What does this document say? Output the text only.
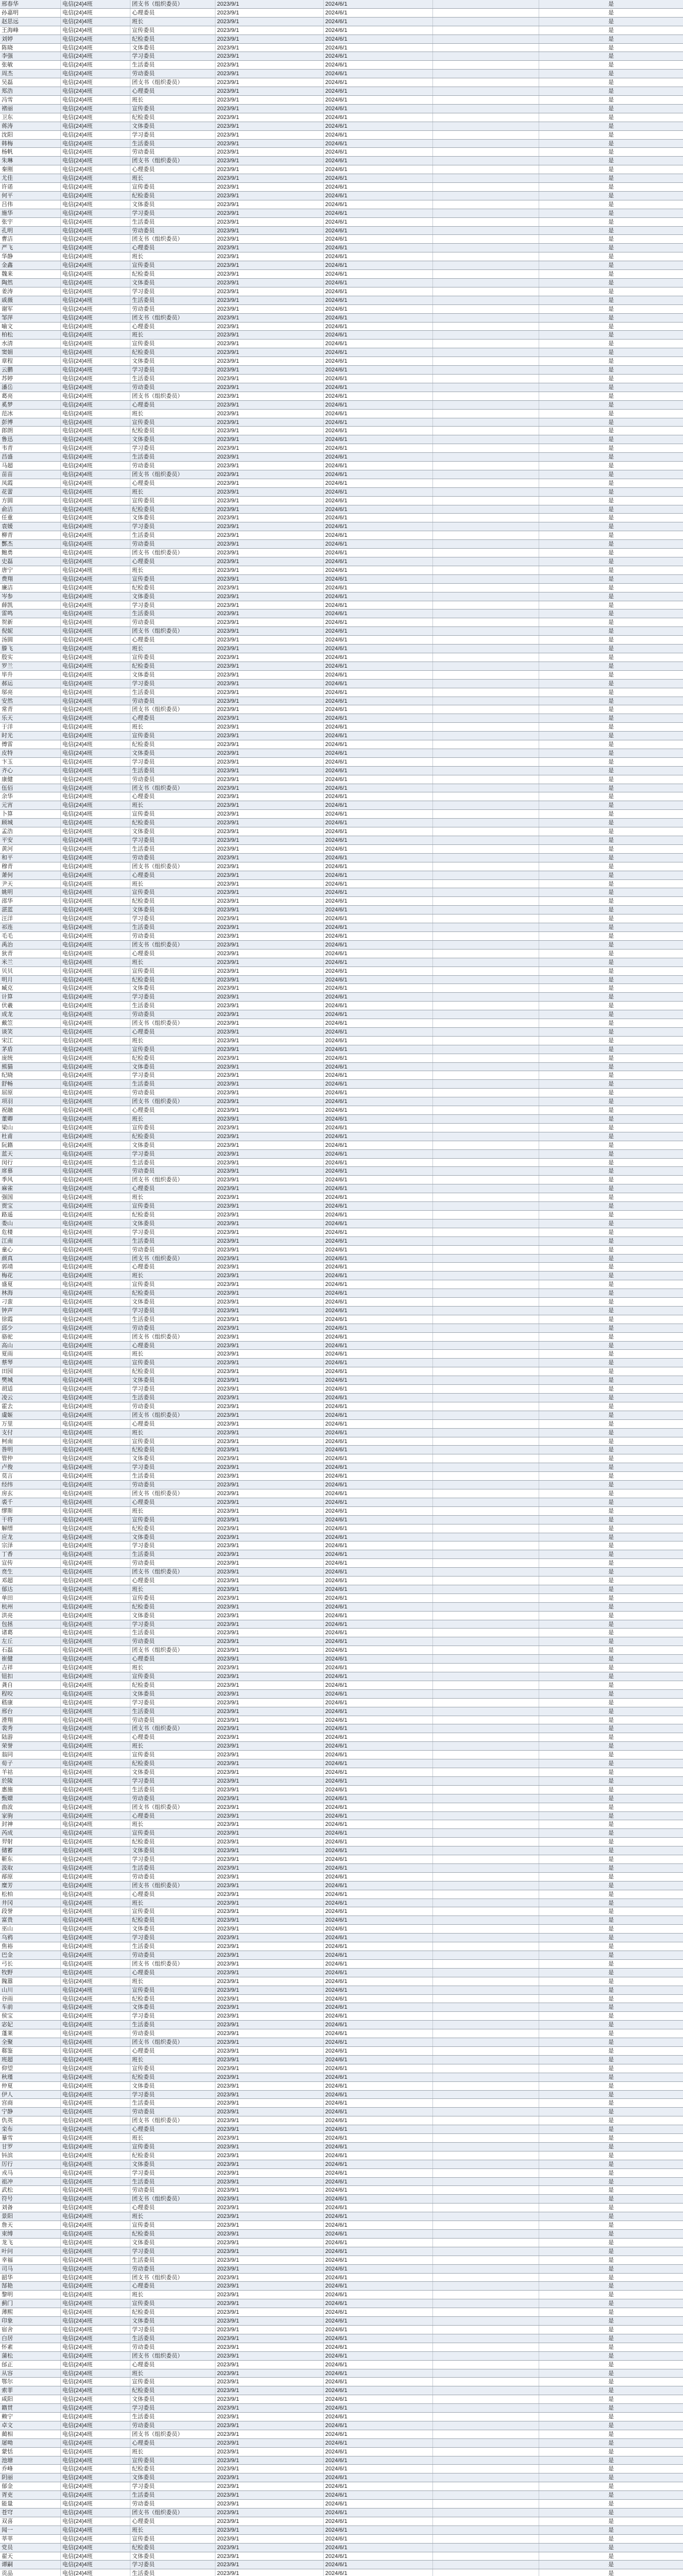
邢春华	电信(24)4班	团支书（组织委员）	2023/9/1	2024/6/1	是
孙嘉明	电信(24)4班	心理委员	2023/9/1	2024/6/1	是
赵思远	电信(24)4班	班长	2023/9/1	2024/6/1	是
王海峰	电信(24)4班	宣传委员	2023/9/1	2024/6/1	是
刘婷	电信(24)4班	纪检委员	2023/9/1	2024/6/1	是
陈晓	电信(24)4班	文体委员	2023/9/1	2024/6/1	是
李强	电信(24)4班	学习委员	2023/9/1	2024/6/1	是
张敏	电信(24)4班	生活委员	2023/9/1	2024/6/1	是
周杰	电信(24)4班	劳动委员	2023/9/1	2024/6/1	是
吴磊	电信(24)4班	团支书（组织委员）	2023/9/1	2024/6/1	是
郑浩	电信(24)4班	心理委员	2023/9/1	2024/6/1	是
冯雪	电信(24)4班	班长	2023/9/1	2024/6/1	是
褚丽	电信(24)4班	宣传委员	2023/9/1	2024/6/1	是
卫东	电信(24)4班	纪检委员	2023/9/1	2024/6/1	是
蒋涛	电信(24)4班	文体委员	2023/9/1	2024/6/1	是
沈阳	电信(24)4班	学习委员	2023/9/1	2024/6/1	是
韩梅	电信(24)4班	生活委员	2023/9/1	2024/6/1	是
杨帆	电信(24)4班	劳动委员	2023/9/1	2024/6/1	是
朱琳	电信(24)4班	团支书（组织委员）	2023/9/1	2024/6/1	是
秦刚	电信(24)4班	心理委员	2023/9/1	2024/6/1	是
尤佳	电信(24)4班	班长	2023/9/1	2024/6/1	是
许诺	电信(24)4班	宣传委员	2023/9/1	2024/6/1	是
何平	电信(24)4班	纪检委员	2023/9/1	2024/6/1	是
吕伟	电信(24)4班	文体委员	2023/9/1	2024/6/1	是
施华	电信(24)4班	学习委员	2023/9/1	2024/6/1	是
张宇	电信(24)4班	生活委员	2023/9/1	2024/6/1	是
孔明	电信(24)4班	劳动委员	2023/9/1	2024/6/1	是
曹洁	电信(24)4班	团支书（组织委员）	2023/9/1	2024/6/1	是
严飞	电信(24)4班	心理委员	2023/9/1	2024/6/1	是
华静	电信(24)4班	班长	2023/9/1	2024/6/1	是
金鑫	电信(24)4班	宣传委员	2023/9/1	2024/6/1	是
魏来	电信(24)4班	纪检委员	2023/9/1	2024/6/1	是
陶然	电信(24)4班	文体委员	2023/9/1	2024/6/1	是
姜涛	电信(24)4班	学习委员	2023/9/1	2024/6/1	是
戚薇	电信(24)4班	生活委员	2023/9/1	2024/6/1	是
谢军	电信(24)4班	劳动委员	2023/9/1	2024/6/1	是
邹萍	电信(24)4班	团支书（组织委员）	2023/9/1	2024/6/1	是
喻文	电信(24)4班	心理委员	2023/9/1	2024/6/1	是
柏松	电信(24)4班	班长	2023/9/1	2024/6/1	是
水清	电信(24)4班	宣传委员	2023/9/1	2024/6/1	是
窦娟	电信(24)4班	纪检委员	2023/9/1	2024/6/1	是
章程	电信(24)4班	文体委员	2023/9/1	2024/6/1	是
云鹏	电信(24)4班	学习委员	2023/9/1	2024/6/1	是
苏婷	电信(24)4班	生活委员	2023/9/1	2024/6/1	是
潘岳	电信(24)4班	劳动委员	2023/9/1	2024/6/1	是
葛亮	电信(24)4班	团支书（组织委员）	2023/9/1	2024/6/1	是
奚梦	电信(24)4班	心理委员	2023/9/1	2024/6/1	是
范冰	电信(24)4班	班长	2023/9/1	2024/6/1	是
彭博	电信(24)4班	宣传委员	2023/9/1	2024/6/1	是
郎朗	电信(24)4班	纪检委员	2023/9/1	2024/6/1	是
鲁迅	电信(24)4班	文体委员	2023/9/1	2024/6/1	是
韦青	电信(24)4班	学习委员	2023/9/1	2024/6/1	是
昌盛	电信(24)4班	生活委员	2023/9/1	2024/6/1	是
马超	电信(24)4班	劳动委员	2023/9/1	2024/6/1	是
苗苗	电信(24)4班	团支书（组织委员）	2023/9/1	2024/6/1	是
凤霞	电信(24)4班	心理委员	2023/9/1	2024/6/1	是
花蕾	电信(24)4班	班长	2023/9/1	2024/6/1	是
方圆	电信(24)4班	宣传委员	2023/9/1	2024/6/1	是
俞洁	电信(24)4班	纪检委员	2023/9/1	2024/6/1	是
任重	电信(24)4班	文体委员	2023/9/1	2024/6/1	是
袁媛	电信(24)4班	学习委员	2023/9/1	2024/6/1	是
柳青	电信(24)4班	生活委员	2023/9/1	2024/6/1	是
酆杰	电信(24)4班	劳动委员	2023/9/1	2024/6/1	是
鲍勇	电信(24)4班	团支书（组织委员）	2023/9/1	2024/6/1	是
史磊	电信(24)4班	心理委员	2023/9/1	2024/6/1	是
唐宁	电信(24)4班	班长	2023/9/1	2024/6/1	是
费翔	电信(24)4班	宣传委员	2023/9/1	2024/6/1	是
廉洁	电信(24)4班	纪检委员	2023/9/1	2024/6/1	是
岑参	电信(24)4班	文体委员	2023/9/1	2024/6/1	是
薛凯	电信(24)4班	学习委员	2023/9/1	2024/6/1	是
雷鸣	电信(24)4班	生活委员	2023/9/1	2024/6/1	是
贺新	电信(24)4班	劳动委员	2023/9/1	2024/6/1	是
倪妮	电信(24)4班	团支书（组织委员）	2023/9/1	2024/6/1	是
汤圆	电信(24)4班	心理委员	2023/9/1	2024/6/1	是
滕飞	电信(24)4班	班长	2023/9/1	2024/6/1	是
殷实	电信(24)4班	宣传委员	2023/9/1	2024/6/1	是
罗兰	电信(24)4班	纪检委员	2023/9/1	2024/6/1	是
毕升	电信(24)4班	文体委员	2023/9/1	2024/6/1	是
郝运	电信(24)4班	学习委员	2023/9/1	2024/6/1	是
邬亮	电信(24)4班	生活委员	2023/9/1	2024/6/1	是
安然	电信(24)4班	劳动委员	2023/9/1	2024/6/1	是
常青	电信(24)4班	团支书（组织委员）	2023/9/1	2024/6/1	是
乐天	电信(24)4班	心理委员	2023/9/1	2024/6/1	是
于洋	电信(24)4班	班长	2023/9/1	2024/6/1	是
时光	电信(24)4班	宣传委员	2023/9/1	2024/6/1	是
傅雷	电信(24)4班	纪检委员	2023/9/1	2024/6/1	是
皮特	电信(24)4班	文体委员	2023/9/1	2024/6/1	是
卞玉	电信(24)4班	学习委员	2023/9/1	2024/6/1	是
齐心	电信(24)4班	生活委员	2023/9/1	2024/6/1	是
康健	电信(24)4班	劳动委员	2023/9/1	2024/6/1	是
伍佰	电信(24)4班	团支书（组织委员）	2023/9/1	2024/6/1	是
余华	电信(24)4班	心理委员	2023/9/1	2024/6/1	是
元宵	电信(24)4班	班长	2023/9/1	2024/6/1	是
卜算	电信(24)4班	宣传委员	2023/9/1	2024/6/1	是
顾城	电信(24)4班	纪检委员	2023/9/1	2024/6/1	是
孟浩	电信(24)4班	文体委员	2023/9/1	2024/6/1	是
平安	电信(24)4班	学习委员	2023/9/1	2024/6/1	是
黄河	电信(24)4班	生活委员	2023/9/1	2024/6/1	是
和平	电信(24)4班	劳动委员	2023/9/1	2024/6/1	是
穆青	电信(24)4班	团支书（组织委员）	2023/9/1	2024/6/1	是
萧何	电信(24)4班	心理委员	2023/9/1	2024/6/1	是
尹天	电信(24)4班	班长	2023/9/1	2024/6/1	是
姚明	电信(24)4班	宣传委员	2023/9/1	2024/6/1	是
邵华	电信(24)4班	纪检委员	2023/9/1	2024/6/1	是
湛蓝	电信(24)4班	文体委员	2023/9/1	2024/6/1	是
汪洋	电信(24)4班	学习委员	2023/9/1	2024/6/1	是
祁连	电信(24)4班	生活委员	2023/9/1	2024/6/1	是
毛毛	电信(24)4班	劳动委员	2023/9/1	2024/6/1	是
禹治	电信(24)4班	团支书（组织委员）	2023/9/1	2024/6/1	是
狄青	电信(24)4班	心理委员	2023/9/1	2024/6/1	是
米兰	电信(24)4班	班长	2023/9/1	2024/6/1	是
贝贝	电信(24)4班	宣传委员	2023/9/1	2024/6/1	是
明月	电信(24)4班	纪检委员	2023/9/1	2024/6/1	是
臧克	电信(24)4班	文体委员	2023/9/1	2024/6/1	是
计算	电信(24)4班	学习委员	2023/9/1	2024/6/1	是
伏羲	电信(24)4班	生活委员	2023/9/1	2024/6/1	是
成龙	电信(24)4班	劳动委员	2023/9/1	2024/6/1	是
戴笠	电信(24)4班	团支书（组织委员）	2023/9/1	2024/6/1	是
谈笑	电信(24)4班	心理委员	2023/9/1	2024/6/1	是
宋江	电信(24)4班	班长	2023/9/1	2024/6/1	是
茅盾	电信(24)4班	宣传委员	2023/9/1	2024/6/1	是
庞统	电信(24)4班	纪检委员	2023/9/1	2024/6/1	是
熊猫	电信(24)4班	文体委员	2023/9/1	2024/6/1	是
纪晓	电信(24)4班	学习委员	2023/9/1	2024/6/1	是
舒畅	电信(24)4班	生活委员	2023/9/1	2024/6/1	是
屈原	电信(24)4班	劳动委员	2023/9/1	2024/6/1	是
项羽	电信(24)4班	团支书（组织委员）	2023/9/1	2024/6/1	是
祝融	电信(24)4班	心理委员	2023/9/1	2024/6/1	是
董卿	电信(24)4班	班长	2023/9/1	2024/6/1	是
梁山	电信(24)4班	宣传委员	2023/9/1	2024/6/1	是
杜甫	电信(24)4班	纪检委员	2023/9/1	2024/6/1	是
阮籍	电信(24)4班	文体委员	2023/9/1	2024/6/1	是
蓝天	电信(24)4班	学习委员	2023/9/1	2024/6/1	是
闵行	电信(24)4班	生活委员	2023/9/1	2024/6/1	是
席慕	电信(24)4班	劳动委员	2023/9/1	2024/6/1	是
季风	电信(24)4班	团支书（组织委员）	2023/9/1	2024/6/1	是
麻雀	电信(24)4班	心理委员	2023/9/1	2024/6/1	是
强国	电信(24)4班	班长	2023/9/1	2024/6/1	是
贾宝	电信(24)4班	宣传委员	2023/9/1	2024/6/1	是
路遥	电信(24)4班	纪检委员	2023/9/1	2024/6/1	是
娄山	电信(24)4班	文体委员	2023/9/1	2024/6/1	是
危楼	电信(24)4班	学习委员	2023/9/1	2024/6/1	是
江南	电信(24)4班	生活委员	2023/9/1	2024/6/1	是
童心	电信(24)4班	劳动委员	2023/9/1	2024/6/1	是
颜真	电信(24)4班	团支书（组织委员）	2023/9/1	2024/6/1	是
郭靖	电信(24)4班	心理委员	2023/9/1	2024/6/1	是
梅花	电信(24)4班	班长	2023/9/1	2024/6/1	是
盛夏	电信(24)4班	宣传委员	2023/9/1	2024/6/1	是
林海	电信(24)4班	纪检委员	2023/9/1	2024/6/1	是
刁蛮	电信(24)4班	文体委员	2023/9/1	2024/6/1	是
钟声	电信(24)4班	学习委员	2023/9/1	2024/6/1	是
徐霞	电信(24)4班	生活委员	2023/9/1	2024/6/1	是
邱少	电信(24)4班	劳动委员	2023/9/1	2024/6/1	是
骆驼	电信(24)4班	团支书（组织委员）	2023/9/1	2024/6/1	是
高山	电信(24)4班	心理委员	2023/9/1	2024/6/1	是
夏雨	电信(24)4班	班长	2023/9/1	2024/6/1	是
蔡琴	电信(24)4班	宣传委员	2023/9/1	2024/6/1	是
田园	电信(24)4班	纪检委员	2023/9/1	2024/6/1	是
樊城	电信(24)4班	文体委员	2023/9/1	2024/6/1	是
胡适	电信(24)4班	学习委员	2023/9/1	2024/6/1	是
凌云	电信(24)4班	生活委员	2023/9/1	2024/6/1	是
霍去	电信(24)4班	劳动委员	2023/9/1	2024/6/1	是
虞姬	电信(24)4班	团支书（组织委员）	2023/9/1	2024/6/1	是
万里	电信(24)4班	心理委员	2023/9/1	2024/6/1	是
支付	电信(24)4班	班长	2023/9/1	2024/6/1	是
柯南	电信(24)4班	宣传委员	2023/9/1	2024/6/1	是
昝明	电信(24)4班	纪检委员	2023/9/1	2024/6/1	是
管仲	电信(24)4班	文体委员	2023/9/1	2024/6/1	是
卢俊	电信(24)4班	学习委员	2023/9/1	2024/6/1	是
莫言	电信(24)4班	生活委员	2023/9/1	2024/6/1	是
经纬	电信(24)4班	劳动委员	2023/9/1	2024/6/1	是
房玄	电信(24)4班	团支书（组织委员）	2023/9/1	2024/6/1	是
裘千	电信(24)4班	心理委员	2023/9/1	2024/6/1	是
缪斯	电信(24)4班	班长	2023/9/1	2024/6/1	是
干将	电信(24)4班	宣传委员	2023/9/1	2024/6/1	是
解缙	电信(24)4班	纪检委员	2023/9/1	2024/6/1	是
应龙	电信(24)4班	文体委员	2023/9/1	2024/6/1	是
宗泽	电信(24)4班	学习委员	2023/9/1	2024/6/1	是
丁香	电信(24)4班	生活委员	2023/9/1	2024/6/1	是
宣传	电信(24)4班	劳动委员	2023/9/1	2024/6/1	是
贲生	电信(24)4班	团支书（组织委员）	2023/9/1	2024/6/1	是
邓超	电信(24)4班	心理委员	2023/9/1	2024/6/1	是
郁达	电信(24)4班	班长	2023/9/1	2024/6/1	是
单田	电信(24)4班	宣传委员	2023/9/1	2024/6/1	是
杭州	电信(24)4班	纪检委员	2023/9/1	2024/6/1	是
洪亮	电信(24)4班	文体委员	2023/9/1	2024/6/1	是
包拯	电信(24)4班	学习委员	2023/9/1	2024/6/1	是
诸葛	电信(24)4班	生活委员	2023/9/1	2024/6/1	是
左丘	电信(24)4班	劳动委员	2023/9/1	2024/6/1	是
石磊	电信(24)4班	团支书（组织委员）	2023/9/1	2024/6/1	是
崔健	电信(24)4班	心理委员	2023/9/1	2024/6/1	是
吉祥	电信(24)4班	班长	2023/9/1	2024/6/1	是
钮扣	电信(24)4班	宣传委员	2023/9/1	2024/6/1	是
龚自	电信(24)4班	纪检委员	2023/9/1	2024/6/1	是
程咬	电信(24)4班	文体委员	2023/9/1	2024/6/1	是
嵇康	电信(24)4班	学习委员	2023/9/1	2024/6/1	是
邢台	电信(24)4班	生活委员	2023/9/1	2024/6/1	是
滑翔	电信(24)4班	劳动委员	2023/9/1	2024/6/1	是
裴秀	电信(24)4班	团支书（组织委员）	2023/9/1	2024/6/1	是
陆游	电信(24)4班	心理委员	2023/9/1	2024/6/1	是
荣誉	电信(24)4班	班长	2023/9/1	2024/6/1	是
翁同	电信(24)4班	宣传委员	2023/9/1	2024/6/1	是
荀子	电信(24)4班	纪检委员	2023/9/1	2024/6/1	是
羊祜	电信(24)4班	文体委员	2023/9/1	2024/6/1	是
於陵	电信(24)4班	学习委员	2023/9/1	2024/6/1	是
惠施	电信(24)4班	生活委员	2023/9/1	2024/6/1	是
甄嬛	电信(24)4班	劳动委员	2023/9/1	2024/6/1	是
曲波	电信(24)4班	团支书（组织委员）	2023/9/1	2024/6/1	是
家驹	电信(24)4班	心理委员	2023/9/1	2024/6/1	是
封神	电信(24)4班	班长	2023/9/1	2024/6/1	是
芮成	电信(24)4班	宣传委员	2023/9/1	2024/6/1	是
羿射	电信(24)4班	纪检委员	2023/9/1	2024/6/1	是
储蓄	电信(24)4班	文体委员	2023/9/1	2024/6/1	是
靳东	电信(24)4班	学习委员	2023/9/1	2024/6/1	是
汲取	电信(24)4班	生活委员	2023/9/1	2024/6/1	是
邴原	电信(24)4班	劳动委员	2023/9/1	2024/6/1	是
糜芳	电信(24)4班	团支书（组织委员）	2023/9/1	2024/6/1	是
松柏	电信(24)4班	心理委员	2023/9/1	2024/6/1	是
井冈	电信(24)4班	班长	2023/9/1	2024/6/1	是
段誉	电信(24)4班	宣传委员	2023/9/1	2024/6/1	是
富贵	电信(24)4班	纪检委员	2023/9/1	2024/6/1	是
巫山	电信(24)4班	文体委员	2023/9/1	2024/6/1	是
乌鸦	电信(24)4班	学习委员	2023/9/1	2024/6/1	是
焦裕	电信(24)4班	生活委员	2023/9/1	2024/6/1	是
巴金	电信(24)4班	劳动委员	2023/9/1	2024/6/1	是
弓长	电信(24)4班	团支书（组织委员）	2023/9/1	2024/6/1	是
牧野	电信(24)4班	心理委员	2023/9/1	2024/6/1	是
隗嚣	电信(24)4班	班长	2023/9/1	2024/6/1	是
山川	电信(24)4班	宣传委员	2023/9/1	2024/6/1	是
谷雨	电信(24)4班	纪检委员	2023/9/1	2024/6/1	是
车前	电信(24)4班	文体委员	2023/9/1	2024/6/1	是
侯宝	电信(24)4班	学习委员	2023/9/1	2024/6/1	是
宓妃	电信(24)4班	生活委员	2023/9/1	2024/6/1	是
蓬莱	电信(24)4班	劳动委员	2023/9/1	2024/6/1	是
全聚	电信(24)4班	团支书（组织委员）	2023/9/1	2024/6/1	是
郗鉴	电信(24)4班	心理委员	2023/9/1	2024/6/1	是
班超	电信(24)4班	班长	2023/9/1	2024/6/1	是
仰望	电信(24)4班	宣传委员	2023/9/1	2024/6/1	是
秋瑾	电信(24)4班	纪检委员	2023/9/1	2024/6/1	是
仲夏	电信(24)4班	文体委员	2023/9/1	2024/6/1	是
伊人	电信(24)4班	学习委员	2023/9/1	2024/6/1	是
宫商	电信(24)4班	生活委员	2023/9/1	2024/6/1	是
宁静	电信(24)4班	劳动委员	2023/9/1	2024/6/1	是
仇英	电信(24)4班	团支书（组织委员）	2023/9/1	2024/6/1	是
栾布	电信(24)4班	心理委员	2023/9/1	2024/6/1	是
暴雪	电信(24)4班	班长	2023/9/1	2024/6/1	是
甘罗	电信(24)4班	宣传委员	2023/9/1	2024/6/1	是
钭滨	电信(24)4班	纪检委员	2023/9/1	2024/6/1	是
厉行	电信(24)4班	文体委员	2023/9/1	2024/6/1	是
戎马	电信(24)4班	学习委员	2023/9/1	2024/6/1	是
祖冲	电信(24)4班	生活委员	2023/9/1	2024/6/1	是
武松	电信(24)4班	劳动委员	2023/9/1	2024/6/1	是
符号	电信(24)4班	团支书（组织委员）	2023/9/1	2024/6/1	是
刘备	电信(24)4班	心理委员	2023/9/1	2024/6/1	是
景阳	电信(24)4班	班长	2023/9/1	2024/6/1	是
詹天	电信(24)4班	宣传委员	2023/9/1	2024/6/1	是
束缚	电信(24)4班	纪检委员	2023/9/1	2024/6/1	是
龙飞	电信(24)4班	文体委员	2023/9/1	2024/6/1	是
叶问	电信(24)4班	学习委员	2023/9/1	2024/6/1	是
幸福	电信(24)4班	生活委员	2023/9/1	2024/6/1	是
司马	电信(24)4班	劳动委员	2023/9/1	2024/6/1	是
韶华	电信(24)4班	团支书（组织委员）	2023/9/1	2024/6/1	是
郜艳	电信(24)4班	心理委员	2023/9/1	2024/6/1	是
黎明	电信(24)4班	班长	2023/9/1	2024/6/1	是
蓟门	电信(24)4班	宣传委员	2023/9/1	2024/6/1	是
薄熙	电信(24)4班	纪检委员	2023/9/1	2024/6/1	是
印象	电信(24)4班	文体委员	2023/9/1	2024/6/1	是
宿舍	电信(24)4班	学习委员	2023/9/1	2024/6/1	是
白居	电信(24)4班	生活委员	2023/9/1	2024/6/1	是
怀素	电信(24)4班	劳动委员	2023/9/1	2024/6/1	是
蒲松	电信(24)4班	团支书（组织委员）	2023/9/1	2024/6/1	是
邰正	电信(24)4班	心理委员	2023/9/1	2024/6/1	是
从容	电信(24)4班	班长	2023/9/1	2024/6/1	是
鄂尔	电信(24)4班	宣传委员	2023/9/1	2024/6/1	是
索菲	电信(24)4班	纪检委员	2023/9/1	2024/6/1	是
咸阳	电信(24)4班	文体委员	2023/9/1	2024/6/1	是
籍贯	电信(24)4班	学习委员	2023/9/1	2024/6/1	是
赖宁	电信(24)4班	生活委员	2023/9/1	2024/6/1	是
卓文	电信(24)4班	劳动委员	2023/9/1	2024/6/1	是
蔺相	电信(24)4班	团支书（组织委员）	2023/9/1	2024/6/1	是
屠呦	电信(24)4班	心理委员	2023/9/1	2024/6/1	是
蒙恬	电信(24)4班	班长	2023/9/1	2024/6/1	是
池塘	电信(24)4班	宣传委员	2023/9/1	2024/6/1	是
乔峰	电信(24)4班	纪检委员	2023/9/1	2024/6/1	是
阴丽	电信(24)4班	文体委员	2023/9/1	2024/6/1	是
郁金	电信(24)4班	学习委员	2023/9/1	2024/6/1	是
胥吏	电信(24)4班	生活委员	2023/9/1	2024/6/1	是
能量	电信(24)4班	劳动委员	2023/9/1	2024/6/1	是
苍穹	电信(24)4班	团支书（组织委员）	2023/9/1	2024/6/1	是
双喜	电信(24)4班	心理委员	2023/9/1	2024/6/1	是
闻一	电信(24)4班	班长	2023/9/1	2024/6/1	是
莘莘	电信(24)4班	宣传委员	2023/9/1	2024/6/1	是
党员	电信(24)4班	纪检委员	2023/9/1	2024/6/1	是
翟天	电信(24)4班	文体委员	2023/9/1	2024/6/1	是
谭嗣	电信(24)4班	学习委员	2023/9/1	2024/6/1	是
贡品	电信(24)4班	生活委员	2023/9/1	2024/6/1	是
